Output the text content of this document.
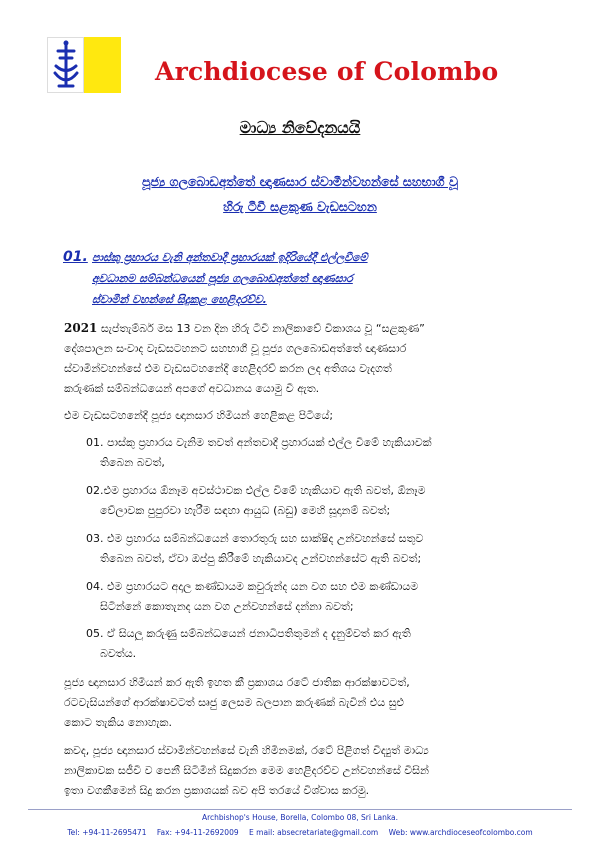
Archdiocese of Colombo
මාධ්‍ය නිවේදනයයි
පූජ්‍ය ගලබොඩඅත්තේ ඥාණසාර ස්වාමීන්වහන්සේ සහභාගී වූ
හිරු ටීවී සළකුණ වැඩසටහන
01. පාස්කු ප්‍රහාරය වැනි අන්තවාදී ප්‍රහාරයක් ඉදිරියේදී එල්ලවීමේ
අවධානම සම්බන්ධයෙන් පූජ්‍ය ගලබොඩඅත්තේ ඥාණසාර
ස්වාමීන් වහන්සේ සිදුකළ හෙළිදරව්ව.
2021 සැප්තැම්බර් මස 13 වන දින හිරු ටීවී නාලිකාවේ විකාශය වූ “සළකුණ”
දේශපාලන සංවාද වැඩසටහනට සහභාගී වූ පූජ්‍ය ගලබොඩඅත්තේ ඥාණසාර
ස්වාමීන්වහන්සේ එම වැඩසටහනේදී හෙළිදරව් කරන ලද අතිශය වැදගත්
කරුණක් සම්බන්ධයෙන් අපගේ අවධානය යොමු වී ඇත.
එම වැඩසටහනේදී පූජ්‍ය ඥානසාර හිමියන් හෙළිකළ පිටියේ;
01. පාස්කු ප්‍රහාරය වැනිම තවත් අන්තවාදී ප්‍රහාරයක් එල්ල වීමේ හැකියාවක්
තිබෙන බවත්,
02.එම ප්‍රහාරය ඕනෑම අවස්ථාවක එල්ල වීමේ හැකියාව ඇති බවත්, ඕනෑම
වේලාවක පුපුරවා හැරීම සඳහා ආයුධ (බඩු) මෙහි සූදානම් බවත්;
03. එම ප්‍රහාරය සම්බන්ධයෙන් තොරතුරු සහ සාක්ෂිද උන්වහන්සේ සතුව
තිබෙන බවත්, ඒවා ඔප්පු කිරීමේ හැකියාවද උන්වහන්සේට ඇති බවත්;
04. එම ප්‍රහාරයට අදාල කණ්ඩායම කවුරුන්ද යන වග සහ එම කණ්ඩායම
සිටින්නේ කොතැනද යන වග උන්වහන්සේ දන්නා බවත්;
05. ඒ සියලු කරුණු සම්බන්ධයෙන් ජනාධිපතිතුමන් ද දැනුම්වත් කර ඇති
බවත්ය.
පූජ්‍ය ඥානසාර හිමියන් කර ඇති ඉහත කී ප්‍රකාශය රටේ ජාතික ආරක්ෂාවටත්,
රටවැසියන්ගේ ආරක්ෂාවටත් සෘජු ලෙසම බලපාන කරුණක් බැවින් එය සුළු
කොට තැකිය නොහැක.
කවද, පූජ්‍ය ඥානසාර ස්වාමීන්වහන්සේ වැනි හිමිනමක්, රටේ පිළිගත් විද්‍යුත් මාධ්‍ය
නාලිකාවක සජීවී ව පෙනී සිටිමින් සිදුකරන මෙම හෙළිදරව්ව උන්වහන්සේ විසින්
ඉතා වගකීමෙන් සිදු කරන ප්‍රකාශයක් බව අපි තරයේ විශ්වාස කරමු.
Archbishop's House, Borella, Colombo 08, Sri Lanka.
Tel: +94-11-2695471 Fax: +94-11-2692009 E mail: absecretariate@gmail.com Web: www.archdioceseofcolombo.com
